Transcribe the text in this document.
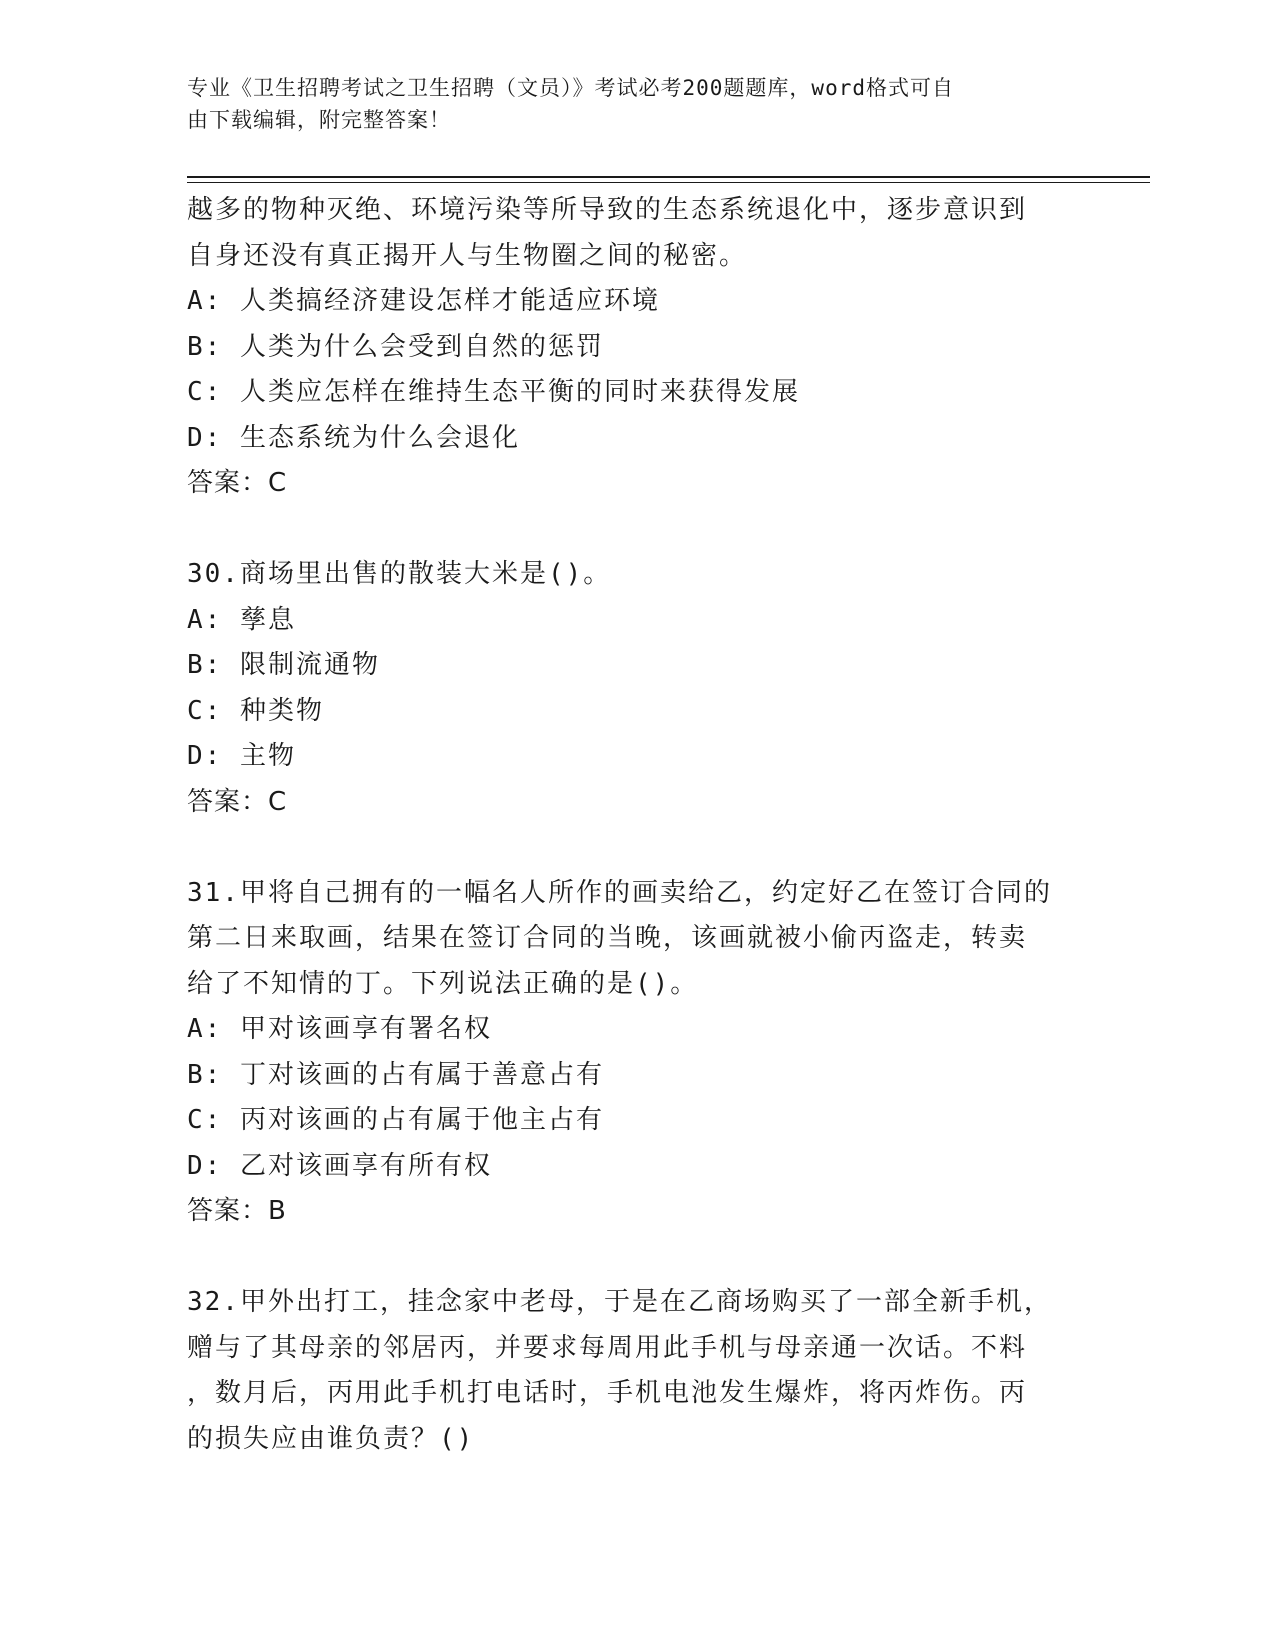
专业《卫生招聘考试之卫生招聘（文员）》考试必考200题题库，word格式可自
由下载编辑，附完整答案！
越多的物种灭绝、环境污染等所导致的生态系统退化中，逐步意识到
自身还没有真正揭开人与生物圈之间的秘密。
A: 人类搞经济建设怎样才能适应环境
B: 人类为什么会受到自然的惩罚
C: 人类应怎样在维持生态平衡的同时来获得发展
D: 生态系统为什么会退化
答案：C
30.商场里出售的散装大米是()。
A: 孳息
B: 限制流通物
C: 种类物
D: 主物
答案：C
31.甲将自己拥有的一幅名人所作的画卖给乙，约定好乙在签订合同的
第二日来取画，结果在签订合同的当晚，该画就被小偷丙盗走，转卖
给了不知情的丁。下列说法正确的是()。
A: 甲对该画享有署名权
B: 丁对该画的占有属于善意占有
C: 丙对该画的占有属于他主占有
D: 乙对该画享有所有权
答案：B
32.甲外出打工，挂念家中老母，于是在乙商场购买了一部全新手机，
赠与了其母亲的邻居丙，并要求每周用此手机与母亲通一次话。不料
，数月后，丙用此手机打电话时，手机电池发生爆炸，将丙炸伤。丙
的损失应由谁负责？()
